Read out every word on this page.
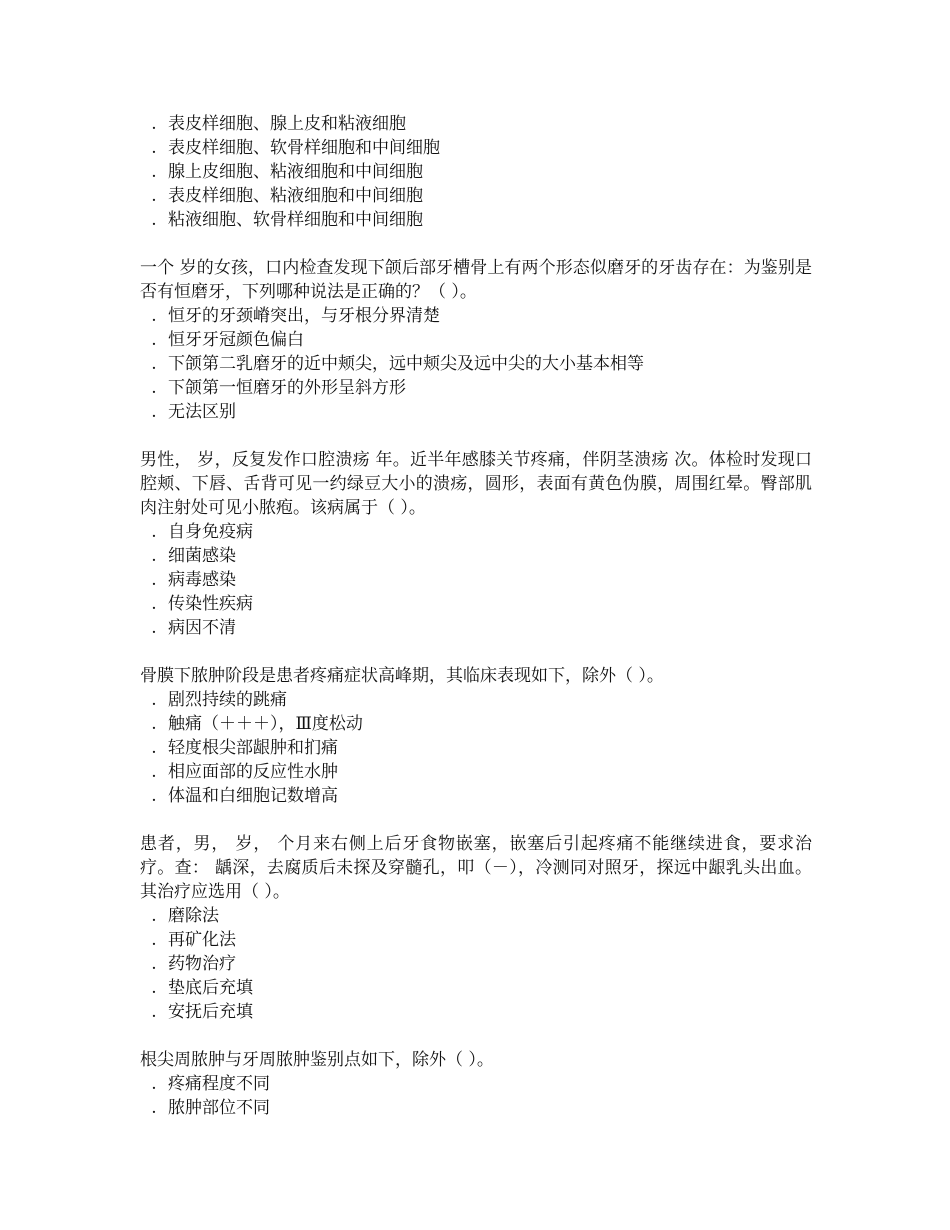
. 表皮样细胞、腺上皮和粘液细胞
. 表皮样细胞、软骨样细胞和中间细胞
. 腺上皮细胞、粘液细胞和中间细胞
. 表皮样细胞、粘液细胞和中间细胞
. 粘液细胞、软骨样细胞和中间细胞

一个 岁的女孩，口内检查发现下颌后部牙槽骨上有两个形态似磨牙的牙齿存在：为鉴别是否有恒磨牙，下列哪种说法是正确的？（ ）。

. 恒牙的牙颈嵴突出，与牙根分界清楚
. 恒牙牙冠颜色偏白
. 下颌第二乳磨牙的近中颊尖，远中颊尖及远中尖的大小基本相等
. 下颌第一恒磨牙的外形呈斜方形
. 无法区别

男性， 岁，反复发作口腔溃疡 年。近半年感膝关节疼痛，伴阴茎溃疡 次。体检时发现口腔颊、下唇、舌背可见一约绿豆大小的溃疡，圆形，表面有黄色伪膜，周围红晕。臀部肌肉注射处可见小脓疱。该病属于（ ）。

. 自身免疫病
. 细菌感染
. 病毒感染
. 传染性疾病
. 病因不清

骨膜下脓肿阶段是患者疼痛症状高峰期，其临床表现如下，除外（ ）。

. 剧烈持续的跳痛
. 触痛（＋＋＋），Ⅲ度松动
. 轻度根尖部龈肿和扪痛
. 相应面部的反应性水肿
. 体温和白细胞记数增高

患者，男， 岁， 个月来右侧上后牙食物嵌塞，嵌塞后引起疼痛不能继续进食，要求治疗。查： 龋深，去腐质后未探及穿髓孔，叩（－），冷测同对照牙，探远中龈乳头出血。其治疗应选用（ ）。

. 磨除法
. 再矿化法
. 药物治疗
. 垫底后充填
. 安抚后充填

根尖周脓肿与牙周脓肿鉴别点如下，除外（ ）。

. 疼痛程度不同
. 脓肿部位不同
